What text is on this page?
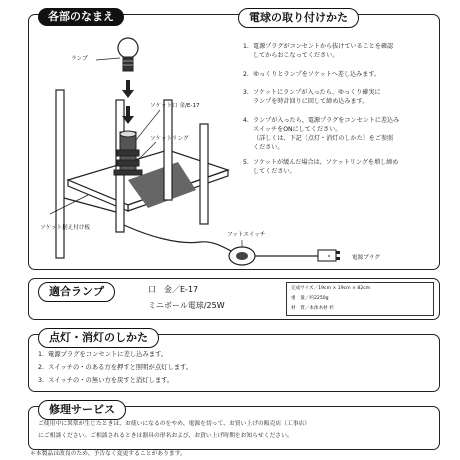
各部のなまえ	電球の取り付けかた
ランプ
ソケット口 金/E-17
ソケットリング
ソケット据え付け板
フットスイッチ
電源プラグ
1. 電源プラグがコンセントから抜けていることを確認
してからおこなってください。
2. ゆっくりとランプをソケットへ差し込みます。
3. ソケットにランプが入ったら、ゆっくり確実に
ランプを時計回りに回して締め込みます。
4. ランプが入ったら、電源プラグをコンセントに差込み
スイッチをONにしてください。
（詳しくは、下記〔点灯・消灯のしかた〕をご参照
ください。
5. ソケットが緩んだ場合は、ソケットリングを増し締め
してください。
適合ランプ	口　金／E-17
ミニボール電球/25W
完成サイズ／19cm × 19cm × 82cm
重　量／約2250g
材　質／本体木材 杉
点灯・消灯のしかた
1. 電源プラグをコンセントに差し込みます。
2. スイッチの・のある方を押すと照明が点灯します。
3. スイッチの・の無い方を戻すと消灯します。
修理サービス
ご使用中に異常が生じたときは、お使いになるのをやめ、電源を切って、お買い上げの販売店（工事店）
にご相談ください。ご相談されるときは器具の形名および、お買い上げ時期をお知らせください。
＊本製品は改良のため、予告なく変更することがあります。
